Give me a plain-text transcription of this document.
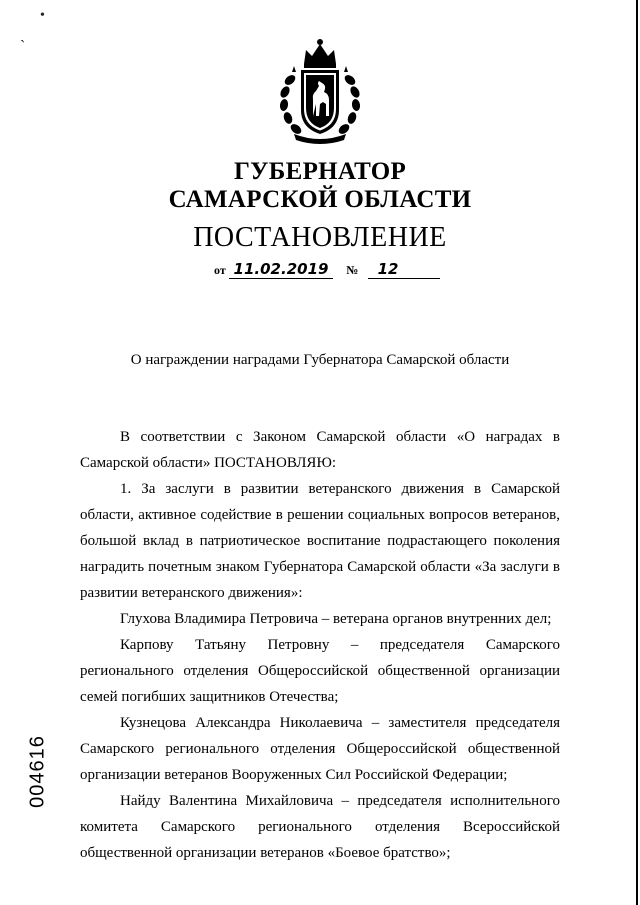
•
ˏ
ГУБЕРНАТОР
САМАРСКОЙ ОБЛАСТИ
ПОСТАНОВЛЕНИЕ
от 11.02.2019 № 12
О награждении наградами Губернатора Самарской области

В соответствии с Законом Самарской области «О наградах в Самарской области» ПОСТАНОВЛЯЮ:

1. За заслуги в развитии ветеранского движения в Самарской области, активное содействие в решении социальных вопросов ветеранов, большой вклад в патриотическое воспитание подрастающего поколения наградить почетным знаком Губернатора Самарской области «За заслуги в развитии ветеранского движения»:

Глухова Владимира Петровича – ветерана органов внутренних дел;

Карпову Татьяну Петровну – председателя Самарского регионального отделения Общероссийской общественной организации семей погибших защитников Отечества;

Кузнецова Александра Николаевича – заместителя председателя Самарского регионального отделения Общероссийской общественной организации ветеранов Вооруженных Сил Российской Федерации;

Найду Валентина Михайловича – председателя исполнительного комитета Самарского регионального отделения Всероссийской общественной организации ветеранов «Боевое братство»;

004616
